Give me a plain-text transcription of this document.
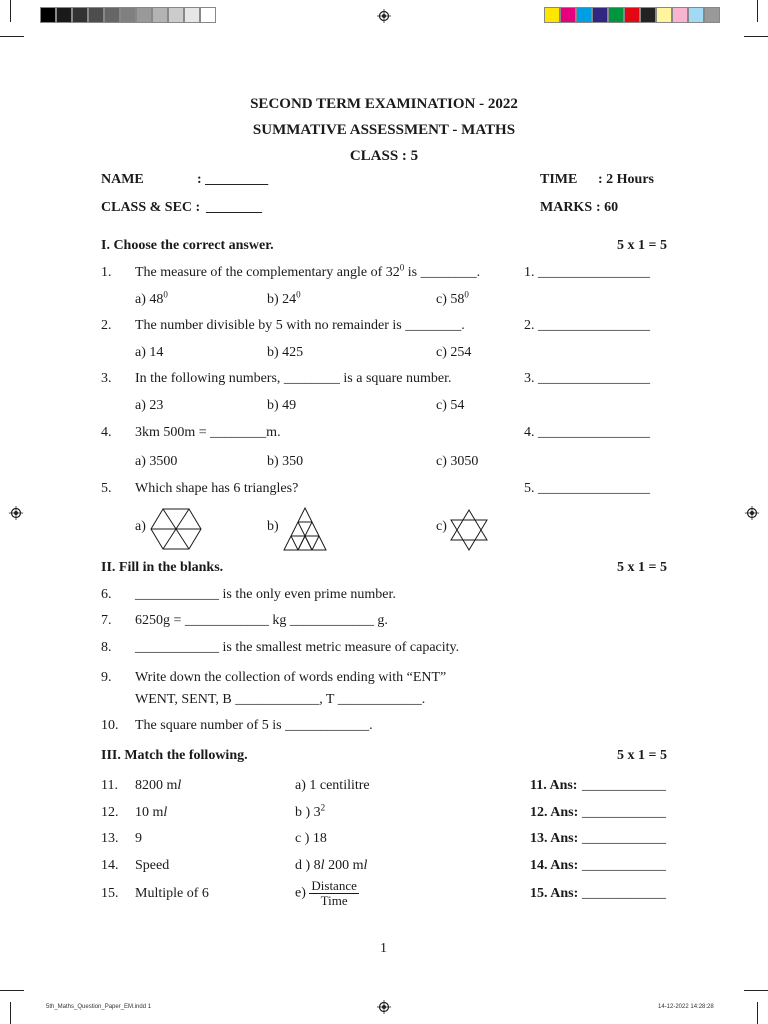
SECOND TERM EXAMINATION - 2022
SUMMATIVE ASSESSMENT - MATHS
CLASS : 5
NAME	: _________
CLASS & SEC : ________
TIME : 2 Hours
MARKS : 60
I. Choose the correct answer.	5 x 1 = 5
1. The measure of the complementary angle of $32^0$ is ________.	1. ________________
a) $48^0$	b) $24^0$	c) $58^0$
2. The number divisible by 5 with no remainder is ________.	2. ________________
a) 14	b) 425	c) 254
3. In the following numbers, ________ is a square number.	3. ________________
a) 23	b) 49	c) 54
4. 3km 500m = ________m.	4. ________________
a) 3500	b) 350	c) 3050
5. Which shape has 6 triangles?	5. ________________
a)	b)	c)
II. Fill in the blanks.	5 x 1 = 5
6. ____________ is the only even prime number.
7. 6250g = ____________ kg ____________ g.
8. ____________ is the smallest metric measure of capacity.
9. Write down the collection of words ending with “ENT”
WENT, SENT, B ____________, T ____________.
10. The square number of 5 is ____________.
III. Match the following.	5 x 1 = 5
11. 8200 ml	a) 1 centilitre	11. Ans: ____________
12. 10 ml	b ) $3^2$	12. Ans: ____________
13. 9	c ) 18	13. Ans: ____________
14. Speed	d ) 8l 200 ml	14. Ans: ____________
15. Multiple of 6	$e) \frac{\text{Distance}}{\text{Time}}$	15. Ans: ____________
1
5th_Maths_Question_Paper_EM.indd 1	14-12-2022 14:28:28
